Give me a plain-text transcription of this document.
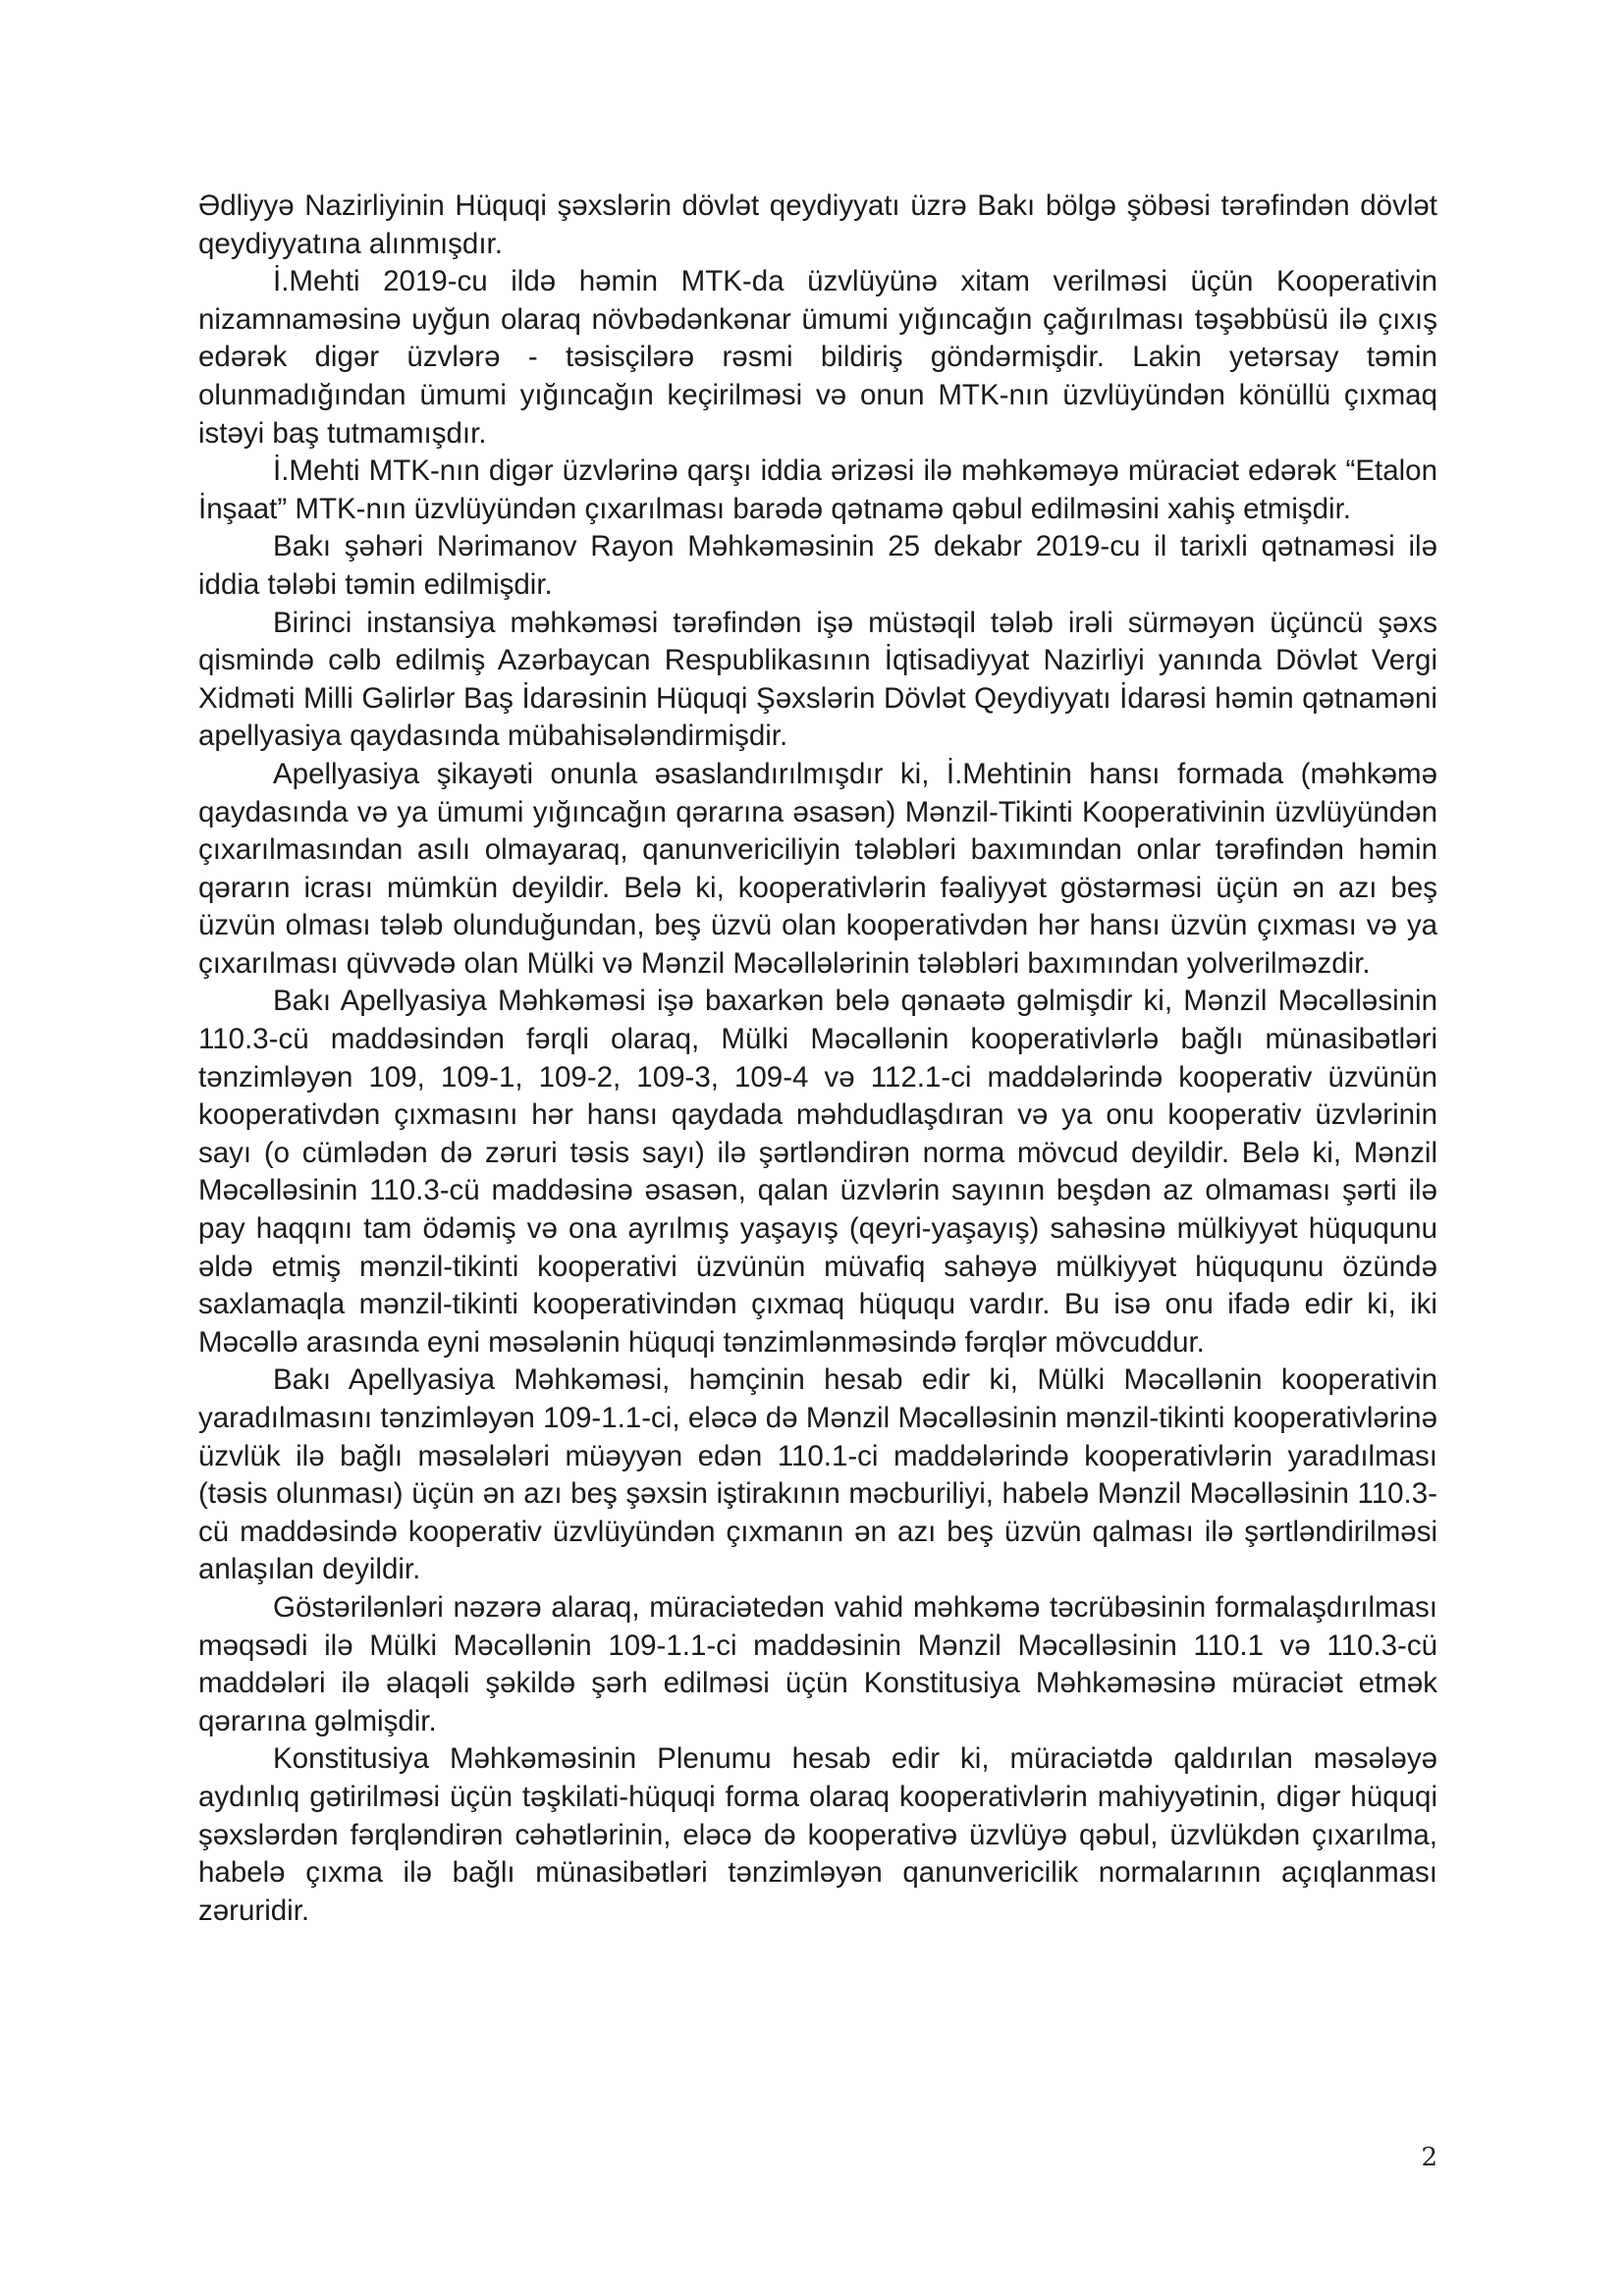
Ədliyyə Nazirliyinin Hüquqi şəxslərin dövlət qeydiyyatı üzrə Bakı bölgə şöbəsi tərəfindən dövlət qeydiyyatına alınmışdır.

İ.Mehti 2019-cu ildə həmin MTK-da üzvlüyünə xitam verilməsi üçün Kooperativin nizamnaməsinə uyğun olaraq növbədənkənar ümumi yığıncağın çağırılması təşəbbüsü ilə çıxış edərək digər üzvlərə - təsisçilərə rəsmi bildiriş göndərmişdir. Lakin yetərsay təmin olunmadığından ümumi yığıncağın keçirilməsi və onun MTK-nın üzvlüyündən könüllü çıxmaq istəyi baş tutmamışdır.

İ.Mehti MTK-nın digər üzvlərinə qarşı iddia ərizəsi ilə məhkəməyə müraciət edərək “Etalon İnşaat” MTK-nın üzvlüyündən çıxarılması barədə qətnamə qəbul edilməsini xahiş etmişdir.

Bakı şəhəri Nərimanov Rayon Məhkəməsinin 25 dekabr 2019-cu il tarixli qətnaməsi ilə iddia tələbi təmin edilmişdir.

Birinci instansiya məhkəməsi tərəfindən işə müstəqil tələb irəli sürməyən üçüncü şəxs qismində cəlb edilmiş Azərbaycan Respublikasının İqtisadiyyat Nazirliyi yanında Dövlət Vergi Xidməti Milli Gəlirlər Baş İdarəsinin Hüquqi Şəxslərin Dövlət Qeydiyyatı İdarəsi həmin qətnaməni apellyasiya qaydasında mübahisələndirmişdir.

Apellyasiya şikayəti onunla əsaslandırılmışdır ki, İ.Mehtinin hansı formada (məhkəmə qaydasında və ya ümumi yığıncağın qərarına əsasən) Mənzil-Tikinti Kooperativinin üzvlüyündən çıxarılmasından asılı olmayaraq, qanunvericiliyin tələbləri baxımından onlar tərəfindən həmin qərarın icrası mümkün deyildir. Belə ki, kooperativlərin fəaliyyət göstərməsi üçün ən azı beş üzvün olması tələb olunduğundan, beş üzvü olan kooperativdən hər hansı üzvün çıxması və ya çıxarılması qüvvədə olan Mülki və Mənzil Məcəllələrinin tələbləri baxımından yolverilməzdir.

Bakı Apellyasiya Məhkəməsi işə baxarkən belə qənaətə gəlmişdir ki, Mənzil Məcəlləsinin 110.3-cü maddəsindən fərqli olaraq, Mülki Məcəllənin kooperativlərlə bağlı münasibətləri tənzimləyən 109, 109-1, 109-2, 109-3, 109-4 və 112.1-ci maddələrində kooperativ üzvünün kooperativdən çıxmasını hər hansı qaydada məhdudlaşdıran və ya onu kooperativ üzvlərinin sayı (o cümlədən də zəruri təsis sayı) ilə şərtləndirən norma mövcud deyildir. Belə ki, Mənzil Məcəlləsinin 110.3-cü maddəsinə əsasən, qalan üzvlərin sayının beşdən az olmaması şərti ilə pay haqqını tam ödəmiş və ona ayrılmış yaşayış (qeyri-yaşayış) sahəsinə mülkiyyət hüququnu əldə etmiş mənzil-tikinti kooperativi üzvünün müvafiq sahəyə mülkiyyət hüququnu özündə saxlamaqla mənzil-tikinti kooperativindən çıxmaq hüququ vardır. Bu isə onu ifadə edir ki, iki Məcəllə arasında eyni məsələnin hüquqi tənzimlənməsində fərqlər mövcuddur.

Bakı Apellyasiya Məhkəməsi, həmçinin hesab edir ki, Mülki Məcəllənin kooperativin yaradılmasını tənzimləyən 109-1.1-ci, eləcə də Mənzil Məcəlləsinin mənzil-tikinti kooperativlərinə üzvlük ilə bağlı məsələləri müəyyən edən 110.1-ci maddələrində kooperativlərin yaradılması (təsis olunması) üçün ən azı beş şəxsin iştirakının məcburiliyi, habelə Mənzil Məcəlləsinin 110.3-cü maddəsində kooperativ üzvlüyündən çıxmanın ən azı beş üzvün qalması ilə şərtləndirilməsi anlaşılan deyildir.

Göstərilənləri nəzərə alaraq, müraciətedən vahid məhkəmə təcrübəsinin formalaşdırılması məqsədi ilə Mülki Məcəllənin 109-1.1-ci maddəsinin Mənzil Məcəlləsinin 110.1 və 110.3-cü maddələri ilə əlaqəli şəkildə şərh edilməsi üçün Konstitusiya Məhkəməsinə müraciət etmək qərarına gəlmişdir.

Konstitusiya Məhkəməsinin Plenumu hesab edir ki, müraciətdə qaldırılan məsələyə aydınlıq gətirilməsi üçün təşkilati-hüquqi forma olaraq kooperativlərin mahiyyətinin, digər hüquqi şəxslərdən fərqləndirən cəhətlərinin, eləcə də kooperativə üzvlüyə qəbul, üzvlükdən çıxarılma, habelə çıxma ilə bağlı münasibətləri tənzimləyən qanunvericilik normalarının açıqlanması zəruridir.

2
